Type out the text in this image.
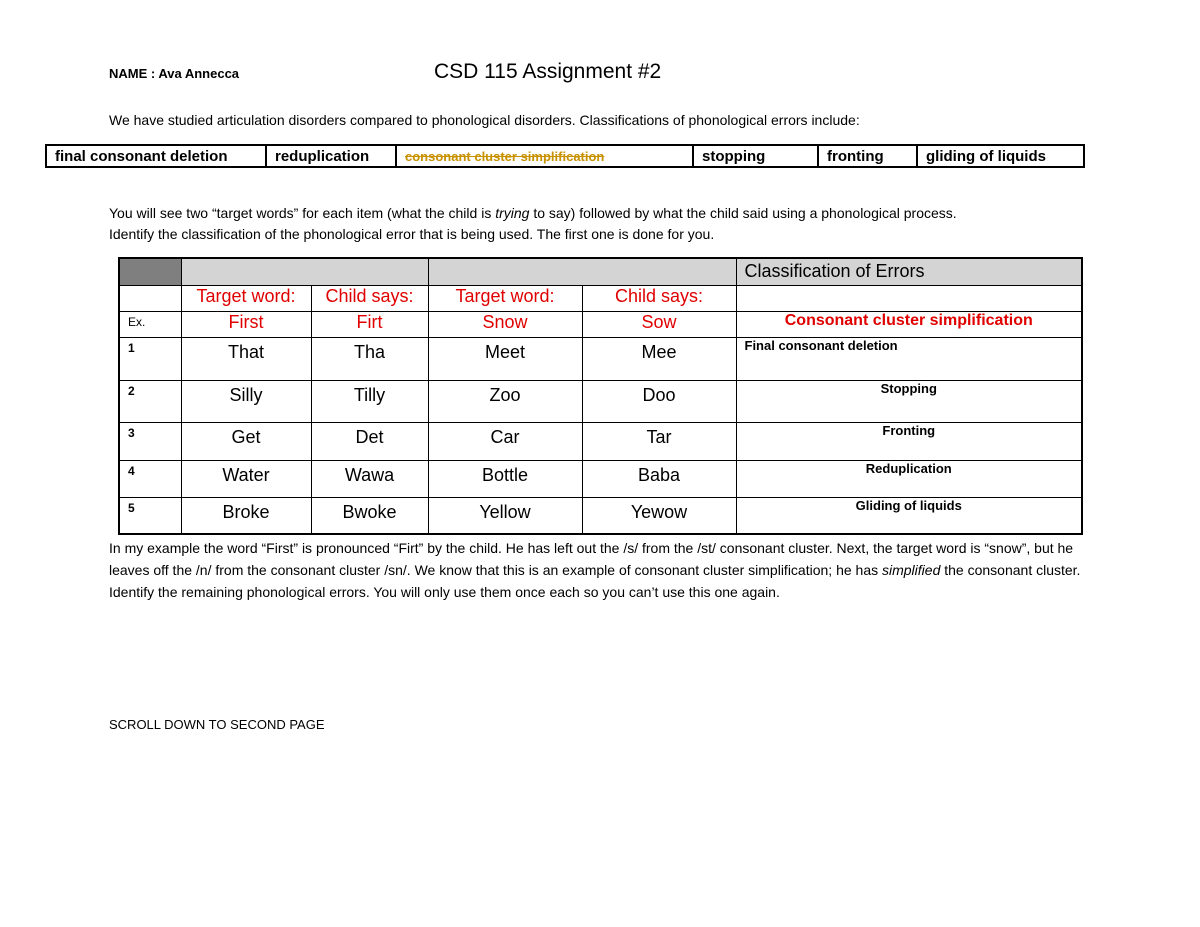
NAME : Ava Annecca	CSD 115 Assignment #2
We have studied articulation disorders compared to phonological disorders. Classifications of phonological errors include:
final consonant deletion	reduplication	consonant cluster simplification	stopping	fronting	gliding of liquids
You will see two “target words” for each item (what the child is trying to say) followed by what the child said using a phonological process.
Identify the classification of the phonological error that is being used. The first one is done for you.
					Classification of Errors
	Target word:	Child says:	Target word:	Child says:	
Ex.	First	Firt	Snow	Sow	Consonant cluster simplification
1	That	Tha	Meet	Mee	Final consonant deletion
2	Silly	Tilly	Zoo	Doo	Stopping
3	Get	Det	Car	Tar	Fronting
4	Water	Wawa	Bottle	Baba	Reduplication
5	Broke	Bwoke	Yellow	Yewow	Gliding of liquids
In my example the word “First” is pronounced “Firt” by the child. He has left out the /s/ from the /st/ consonant cluster. Next, the target word is “snow”, but he leaves off the /n/ from the consonant cluster /sn/. We know that this is an example of consonant cluster simplification; he has simplified the consonant cluster. Identify the remaining phonological errors. You will only use them once each so you can’t use this one again.
SCROLL DOWN TO SECOND PAGE
